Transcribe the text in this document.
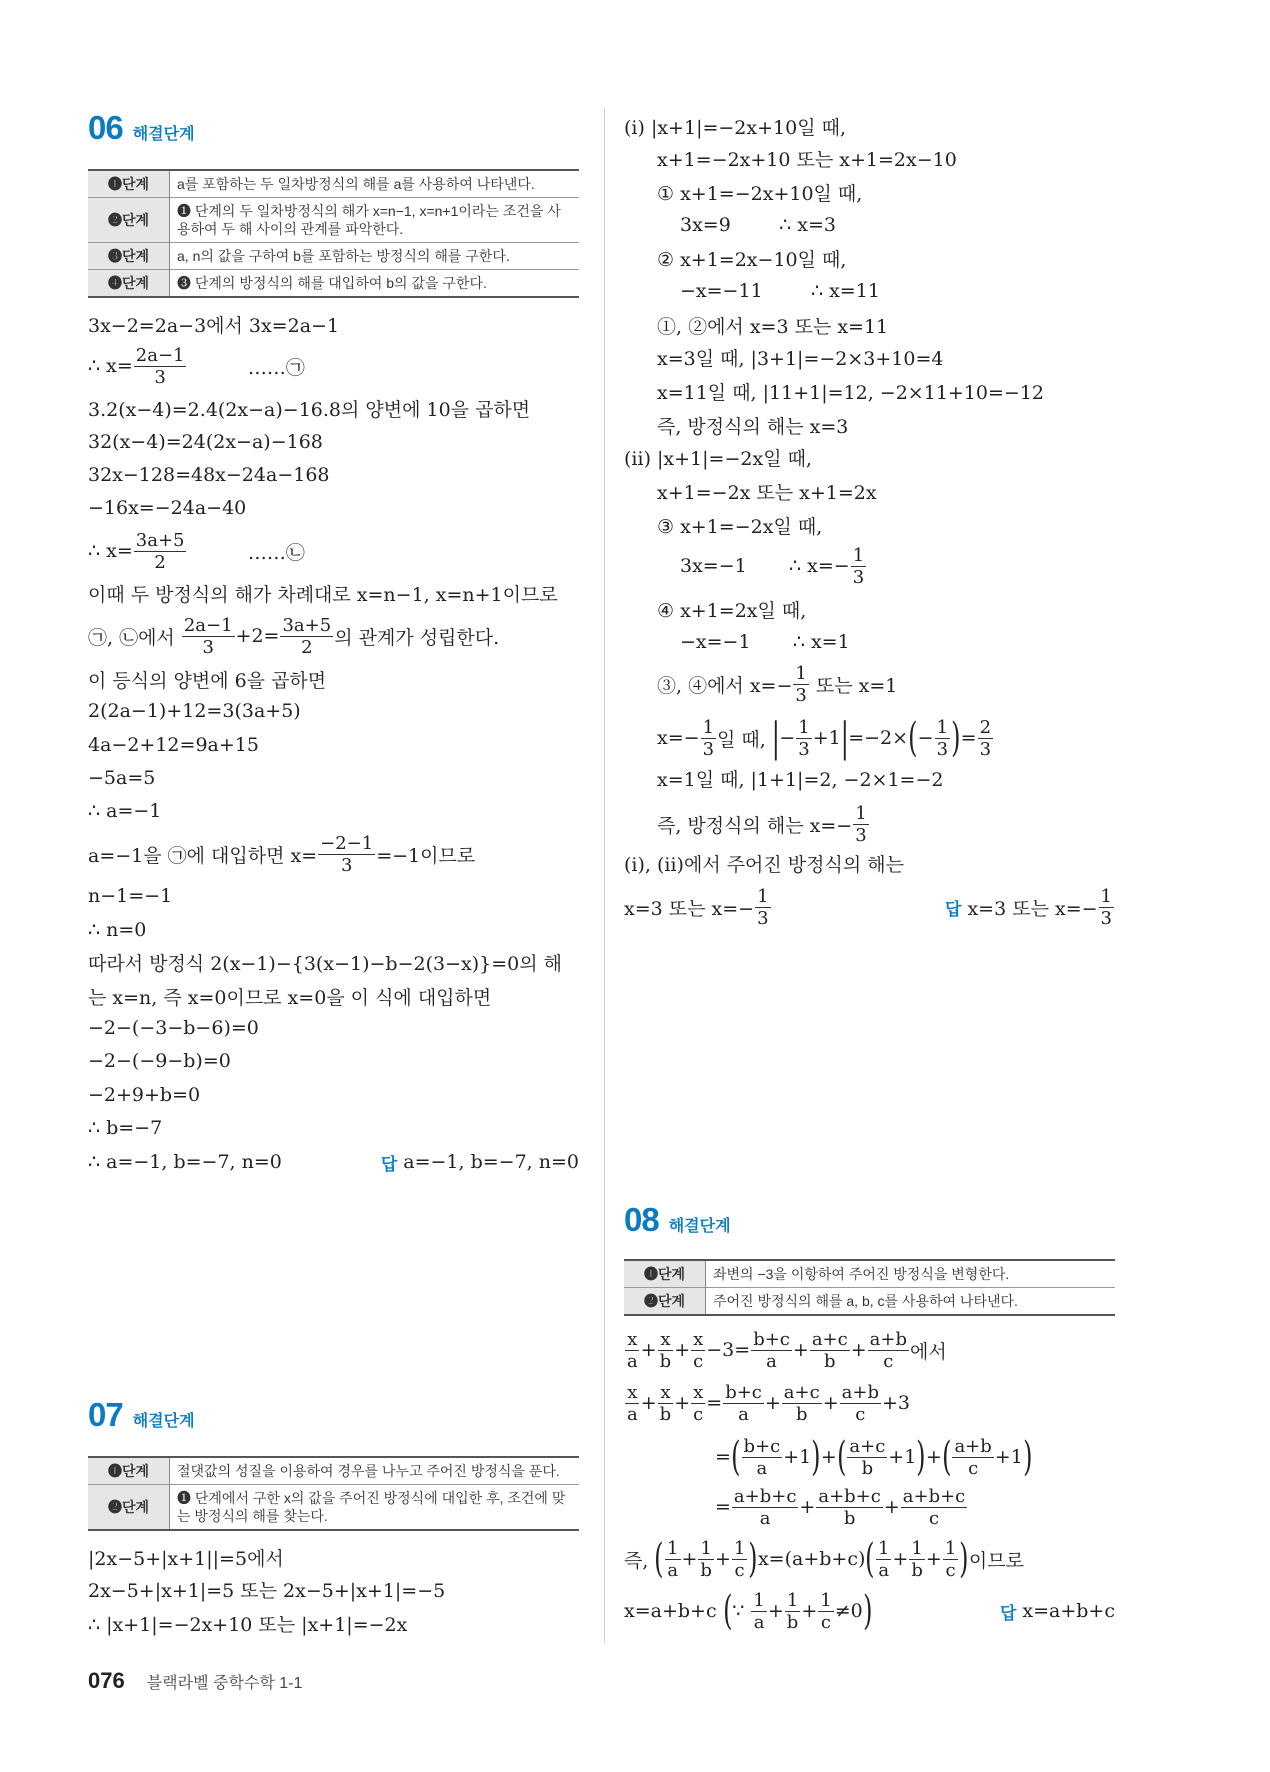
06 해결단계
❶단계	a를 포함하는 두 일차방정식의 해를 a를 사용하여 나타낸다.
❷단계	❶ 단계의 두 일차방정식의 해가 x=n−1, x=n+1이라는 조건을 사용하여 두 해 사이의 관계를 파악한다.
❸단계	a, n의 값을 구하여 b를 포함하는 방정식의 해를 구한다.
❹단계	❸ 단계의 방정식의 해를 대입하여 b의 값을 구한다.
3x−2=2a−3에서 3x=2a−1
∴ $x= \frac{2a-1}{3}$ ……㉠
3.2(x−4)=2.4(2x−a)−16.8의 양변에 10을 곱하면
32(x−4)=24(2x−a)−168
32x−128=48x−24a−168
−16x=−24a−40
∴ $x= \frac{3a+5}{2}$ ……㉡
이때 두 방정식의 해가 차례대로 x=n−1, x=n+1이므로
㉠, ㉡에서 $\frac{2a-1}{3} +2= \frac{3a+5}{2}$ 의 관계가 성립한다.
이 등식의 양변에 6을 곱하면
2(2a−1)+12=3(3a+5)
4a−2+12=9a+15
−5a=5
∴ a=−1
a=−1을 ㉠에 대입하면 $x= \frac{-2-1}{3} =-1$이므로
n−1=−1
∴ n=0
따라서 방정식 2(x−1)−{3(x−1)−b−2(3−x)}=0의 해
는 x=n, 즉 x=0이므로 x=0을 이 식에 대입하면
−2−(−3−b−6)=0
−2−(−9−b)=0
−2+9+b=0
∴ b=−7
∴ a=−1, b=−7, n=0	답 a=−1, b=−7, n=0
07 해결단계
❶단계	절댓값의 성질을 이용하여 경우를 나누고 주어진 방정식을 푼다.
❷단계	❶ 단계에서 구한 x의 값을 주어진 방정식에 대입한 후, 조건에 맞는 방정식의 해를 찾는다.
|2x−5+|x+1||=5에서
2x−5+|x+1|=5 또는 2x−5+|x+1|=−5
∴ |x+1|=−2x+10 또는 |x+1|=−2x
(ⅰ) |x+1|=−2x+10일 때,
x+1=−2x+10 또는 x+1=2x−10
① x+1=−2x+10일 때,
3x=9        ∴ x=3
② x+1=2x−10일 때,
−x=−11        ∴ x=11
①, ②에서 x=3 또는 x=11
x=3일 때, |3+1|=−2×3+10=4
x=11일 때, |11+1|=12, −2×11+10=−12
즉, 방정식의 해는 x=3
(ⅱ) |x+1|=−2x일 때,
x+1=−2x 또는 x+1=2x
③ x+1=−2x일 때,
3x=−1       ∴ $x=- \frac{1}{3}$
④ x+1=2x일 때,
−x=−1       ∴ x=1
③, ④에서 $x=- \frac{1}{3}$ 또는 x=1
$x=- \frac{1}{3}$ 일 때, | − $\frac{1}{3} +1$ | =−2× ( − $\frac{1}{3}$ ) = $\frac{2}{3}$
x=1일 때, |1+1|=2, −2×1=−2
즉, 방정식의 해는 $x=- \frac{1}{3}$
(ⅰ), (ⅱ)에서 주어진 방정식의 해는
x=3 또는 $x=- \frac{1}{3}$	답 x=3 또는 $x=- \frac{1}{3}$
08 해결단계
❶단계	좌변의 −3을 이항하여 주어진 방정식을 변형한다.
❷단계	주어진 방정식의 해를 a, b, c를 사용하여 나타낸다.
$\frac{x}{a} + \frac{x}{b} + \frac{x}{c} -3= \frac{b+c}{a} + \frac{a+c}{b} + \frac{a+b}{c}$ 에서
$\frac{x}{a} + \frac{x}{b} + \frac{x}{c} = \frac{b+c}{a} + \frac{a+c}{b} + \frac{a+b}{c} +3$
= ( $\frac{b+c}{a} +1$ ) + ( $\frac{a+c}{b} +1$ ) + ( $\frac{a+b}{c} +1$ )
= $\frac{a+b+c}{a} + \frac{a+b+c}{b} + \frac{a+b+c}{c}$
즉, ( $\frac{1}{a} + \frac{1}{b} + \frac{1}{c}$ ) x=(a+b+c) ( $\frac{1}{a} + \frac{1}{b} + \frac{1}{c}$ ) 이므로
x=a+b+c ( ∵ $\frac{1}{a} + \frac{1}{b} + \frac{1}{c} \ne 0$ )	답 x=a+b+c
076 블랙라벨 중학수학 1-1
